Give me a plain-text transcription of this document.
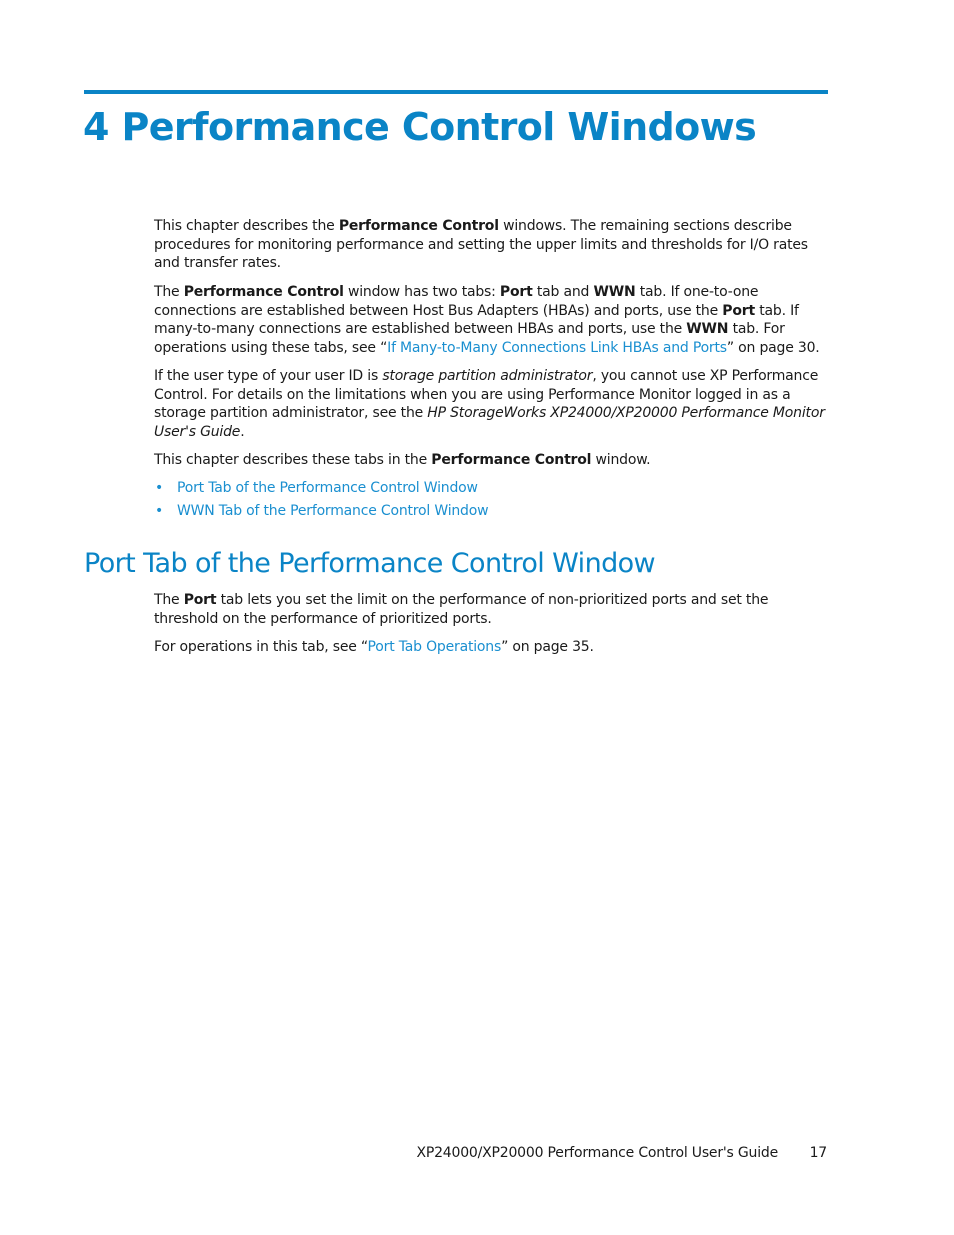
4 Performance Control Windows

This chapter describes the Performance Control windows. The remaining sections describe procedures for monitoring performance and setting the upper limits and thresholds for I/O rates and transfer rates.

The Performance Control window has two tabs: Port tab and WWN tab. If one-to-one connections are established between Host Bus Adapters (HBAs) and ports, use the Port tab. If many-to-many connections are established between HBAs and ports, use the WWN tab. For operations using these tabs, see “If Many-to-Many Connections Link HBAs and Ports” on page 30.

If the user type of your user ID is storage partition administrator, you cannot use XP Performance Control. For details on the limitations when you are using Performance Monitor logged in as a storage partition administrator, see the HP StorageWorks XP24000/XP20000 Performance Monitor User's Guide.

This chapter describes these tabs in the Performance Control window.

• Port Tab of the Performance Control Window
• WWN Tab of the Performance Control Window
Port Tab of the Performance Control Window

The Port tab lets you set the limit on the performance of non-prioritized ports and set the threshold on the performance of prioritized ports.

For operations in this tab, see “Port Tab Operations” on page 35.

XP24000/XP20000 Performance Control User's Guide 17
